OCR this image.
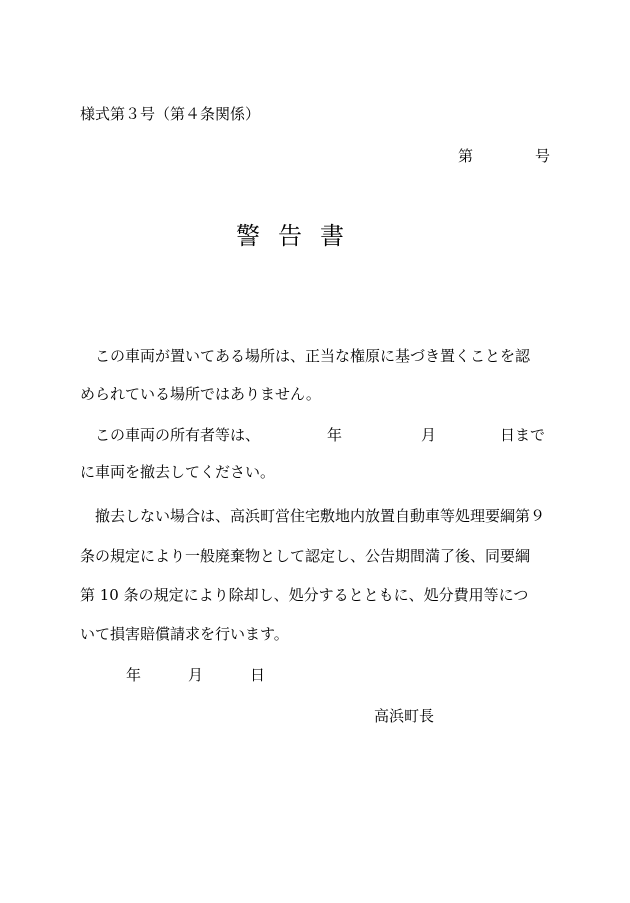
様式第３号（第４条関係）
第	号
警告書
この車両が置いてある場所は、正当な権原に基づき置くことを認
められている場所ではありません。
この車両の所有者等は、	年	月	日まで
に車両を撤去してください。
撤去しない場合は、高浜町営住宅敷地内放置自動車等処理要綱第９
条の規定により一般廃棄物として認定し、公告期間満了後、同要綱
第 10 条の規定により除却し、処分するとともに、処分費用等につ
いて損害賠償請求を行います。
年	月	日
高浜町長
